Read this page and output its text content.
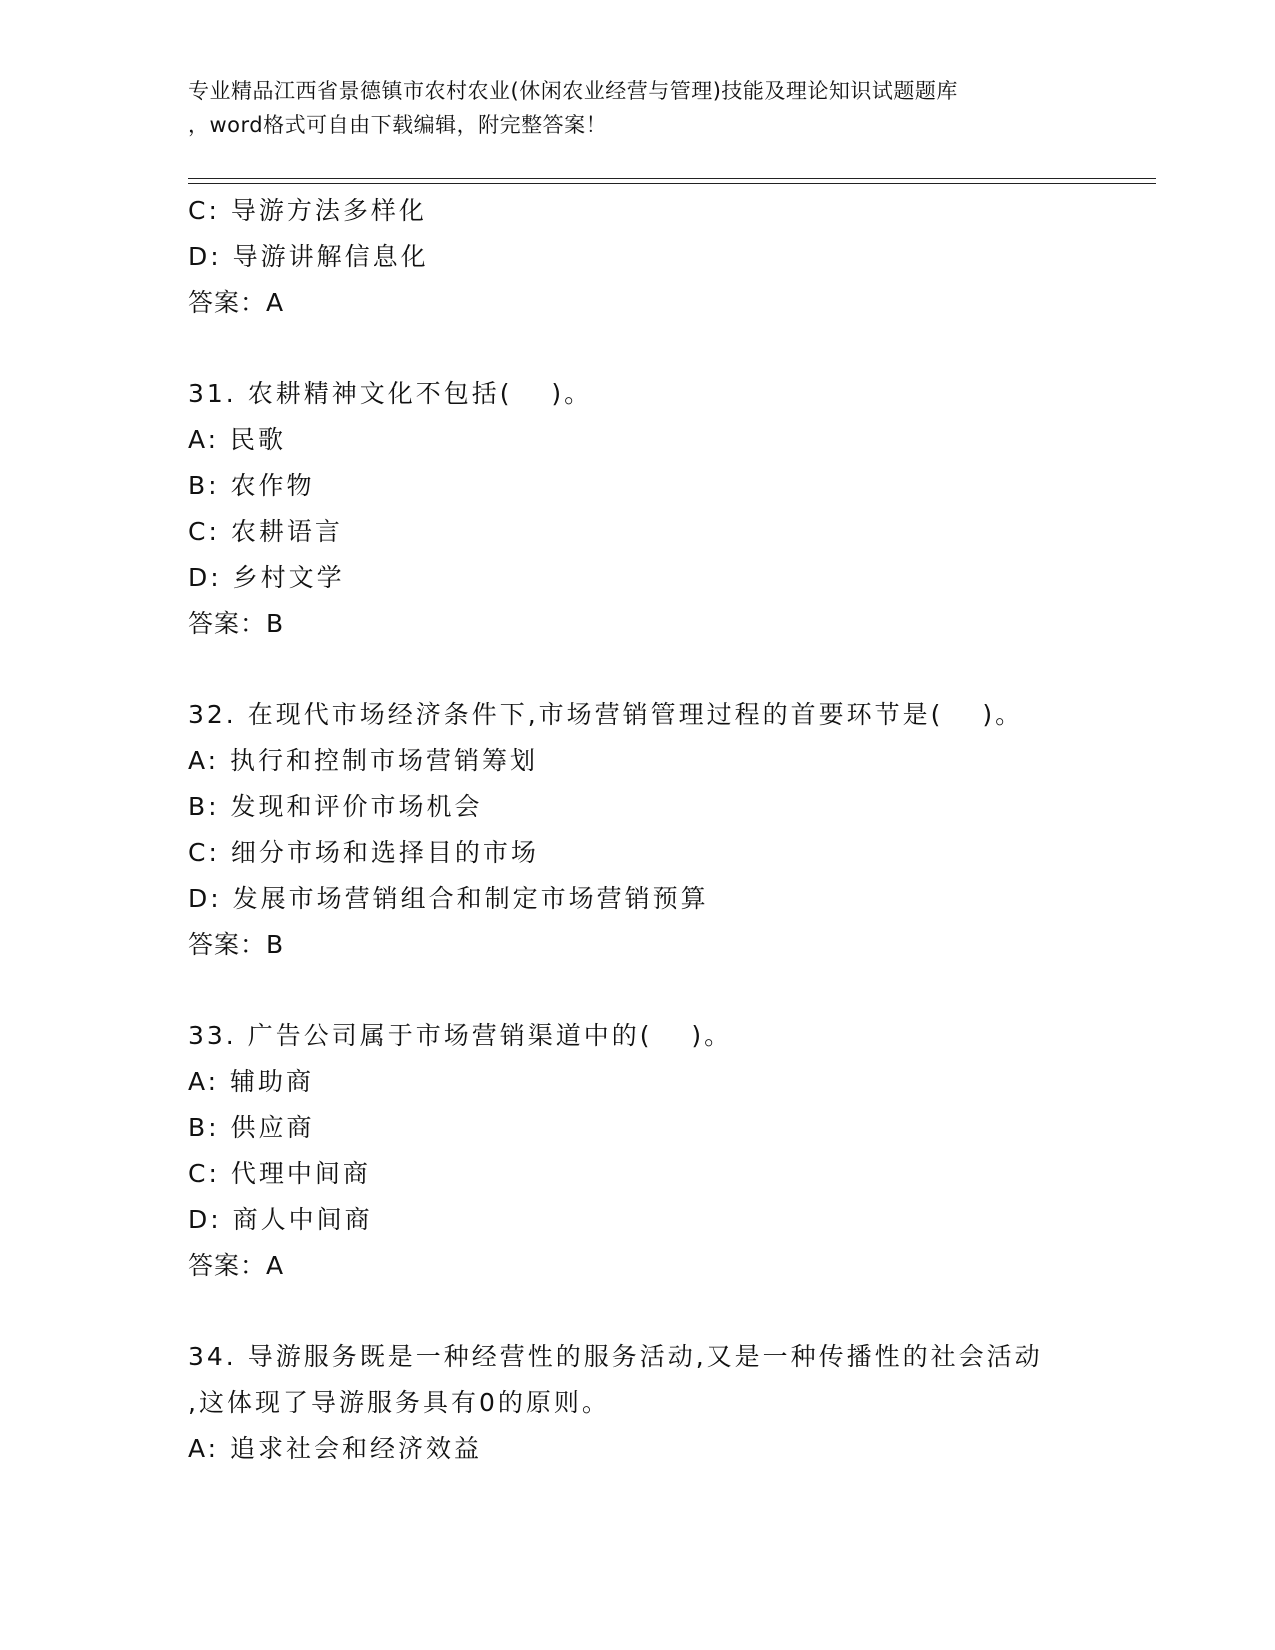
专业精品江西省景德镇市农村农业(休闲农业经营与管理)技能及理论知识试题题库
，word格式可自由下载编辑，附完整答案！
C: 导游方法多样化
D: 导游讲解信息化
答案：A
31. 农耕精神文化不包括(　 )。
A: 民歌
B: 农作物
C: 农耕语言
D: 乡村文学
答案：B
32. 在现代市场经济条件下,市场营销管理过程的首要环节是(　 )。
A: 执行和控制市场营销筹划
B: 发现和评价市场机会
C: 细分市场和选择目的市场
D: 发展市场营销组合和制定市场营销预算
答案：B
33. 广告公司属于市场营销渠道中的(　 )。
A: 辅助商
B: 供应商
C: 代理中间商
D: 商人中间商
答案：A
34. 导游服务既是一种经营性的服务活动,又是一种传播性的社会活动
,这体现了导游服务具有0的原则。
A: 追求社会和经济效益
